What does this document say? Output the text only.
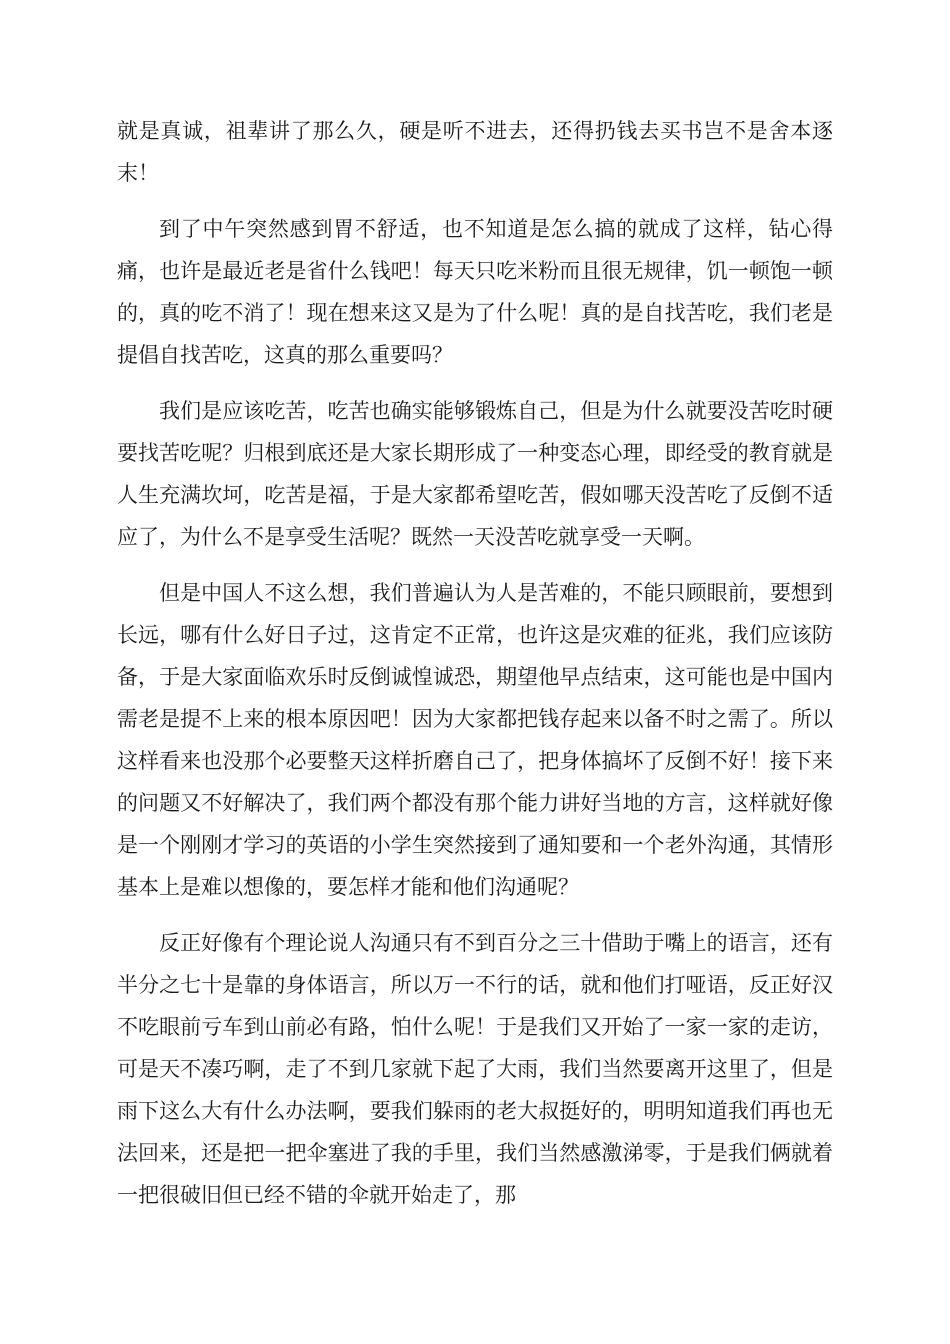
就是真诚，祖辈讲了那么久，硬是听不进去，还得扔钱去买书岂不是舍本逐末！

到了中午突然感到胃不舒适，也不知道是怎么搞的就成了这样，钻心得痛，也许是最近老是省什么钱吧！每天只吃米粉而且很无规律，饥一顿饱一顿的，真的吃不消了！现在想来这又是为了什么呢！真的是自找苦吃，我们老是提倡自找苦吃，这真的那么重要吗？

我们是应该吃苦，吃苦也确实能够锻炼自己，但是为什么就要没苦吃时硬要找苦吃呢？归根到底还是大家长期形成了一种变态心理，即经受的教育就是人生充满坎坷，吃苦是福，于是大家都希望吃苦，假如哪天没苦吃了反倒不适应了，为什么不是享受生活呢？既然一天没苦吃就享受一天啊。

但是中国人不这么想，我们普遍认为人是苦难的，不能只顾眼前，要想到长远，哪有什么好日子过，这肯定不正常，也许这是灾难的征兆，我们应该防备，于是大家面临欢乐时反倒诚惶诚恐，期望他早点结束，这可能也是中国内需老是提不上来的根本原因吧！因为大家都把钱存起来以备不时之需了。所以这样看来也没那个必要整天这样折磨自己了，把身体搞坏了反倒不好！接下来的问题又不好解决了，我们两个都没有那个能力讲好当地的方言，这样就好像是一个刚刚才学习的英语的小学生突然接到了通知要和一个老外沟通，其情形基本上是难以想像的，要怎样才能和他们沟通呢？

反正好像有个理论说人沟通只有不到百分之三十借助于嘴上的语言，还有半分之七十是靠的身体语言，所以万一不行的话，就和他们打哑语，反正好汉不吃眼前亏车到山前必有路，怕什么呢！于是我们又开始了一家一家的走访，可是天不凑巧啊，走了不到几家就下起了大雨，我们当然要离开这里了，但是雨下这么大有什么办法啊，要我们躲雨的老大叔挺好的，明明知道我们再也无法回来，还是把一把伞塞进了我的手里，我们当然感激涕零，于是我们俩就着一把很破旧但已经不错的伞就开始走了，那
